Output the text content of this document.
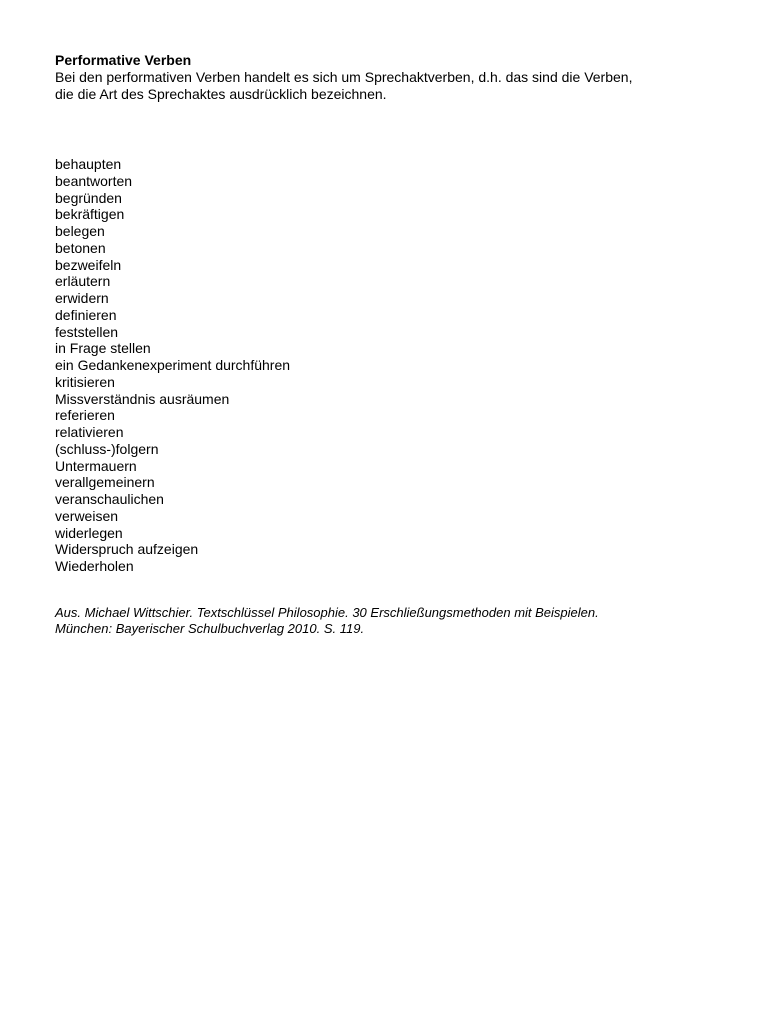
Performative Verben
Bei den performativen Verben handelt es sich um Sprechaktverben, d.h. das sind die Verben,
die die Art des Sprechaktes ausdrücklich bezeichnen.
behaupten
beantworten
begründen
bekräftigen
belegen
betonen
bezweifeln
erläutern
erwidern
definieren
feststellen
in Frage stellen
ein Gedankenexperiment durchführen
kritisieren
Missverständnis ausräumen
referieren
relativieren
(schluss-)folgern
Untermauern
verallgemeinern
veranschaulichen
verweisen
widerlegen
Widerspruch aufzeigen
Wiederholen
Aus. Michael Wittschier. Textschlüssel Philosophie. 30 Erschließungsmethoden mit Beispielen.
München: Bayerischer Schulbuchverlag 2010. S. 119.
